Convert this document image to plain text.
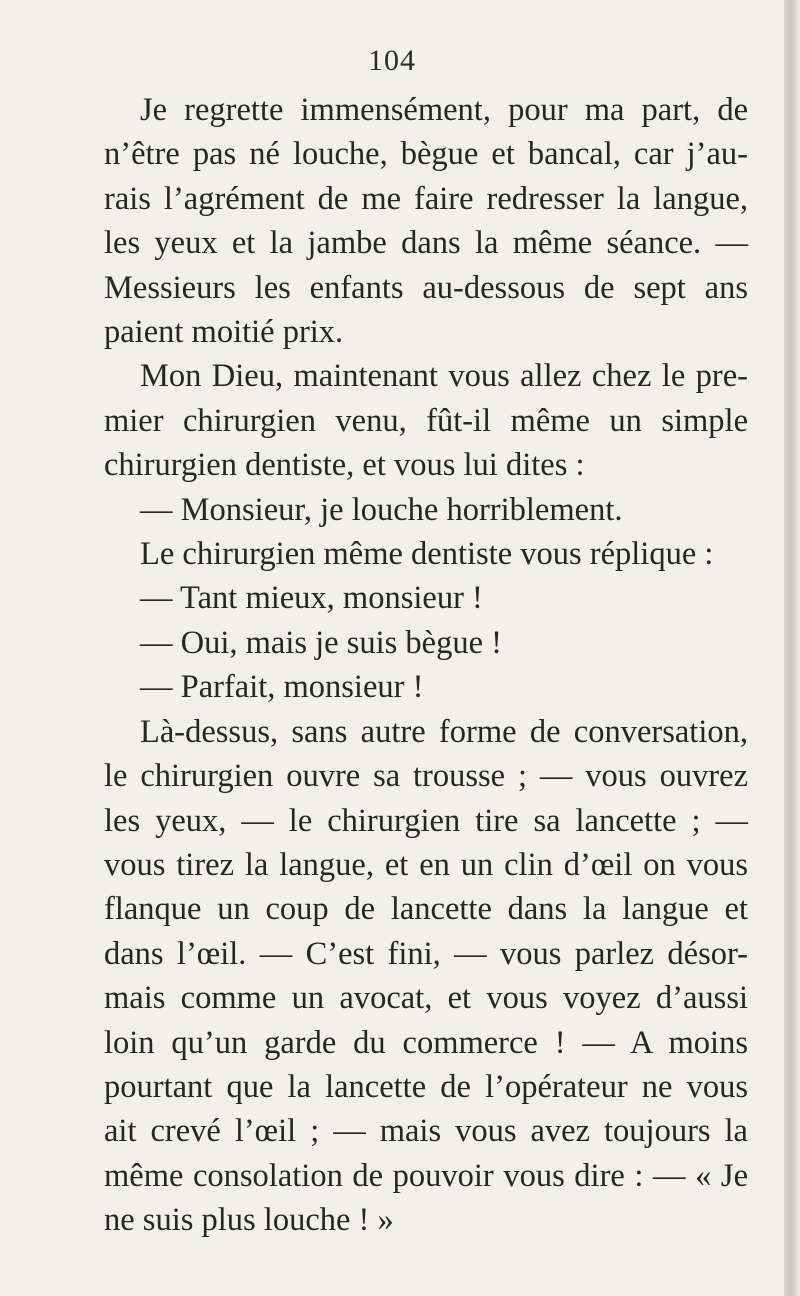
104
Je regrette immensément, pour ma part, de
n’être pas né louche, bègue et bancal, car j’au-
rais l’agrément de me faire redresser la langue,
les yeux et la jambe dans la même séance. —
Messieurs les enfants au-dessous de sept ans
paient moitié prix.
Mon Dieu, maintenant vous allez chez le pre-
mier chirurgien venu, fût-il même un simple
chirurgien dentiste, et vous lui dites :
— Monsieur, je louche horriblement.
Le chirurgien même dentiste vous réplique :
— Tant mieux, monsieur !
— Oui, mais je suis bègue !
— Parfait, monsieur !
Là-dessus, sans autre forme de conversation,
le chirurgien ouvre sa trousse ; — vous ouvrez
les yeux, — le chirurgien tire sa lancette ; —
vous tirez la langue, et en un clin d’œil on vous
flanque un coup de lancette dans la langue et
dans l’œil. — C’est fini, — vous parlez désor-
mais comme un avocat, et vous voyez d’aussi
loin qu’un garde du commerce ! — A moins
pourtant que la lancette de l’opérateur ne vous
ait crevé l’œil ; — mais vous avez toujours la
même consolation de pouvoir vous dire : — « Je
ne suis plus louche ! »
